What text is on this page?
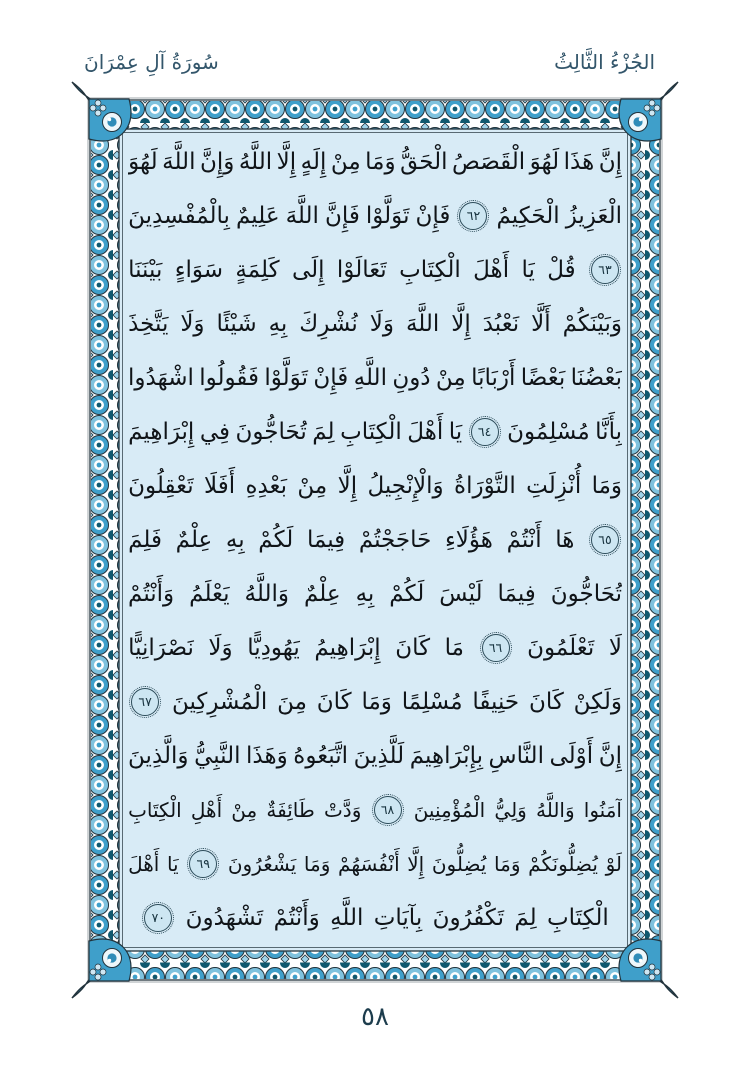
الجُزْءُ الثَّالِثُ
سُورَةُ آلِ عِمْرَانَ
إِنَّ
هَذَا
لَهُوَ
الْقَصَصُ
الْحَقُّ
وَمَا
مِنْ
إِلَهٍ
إِلَّا
اللَّهُ
وَإِنَّ
اللَّهَ
لَهُوَ
الْعَزِيزُ
الْحَكِيمُ
٦٢
فَإِنْ
تَوَلَّوْا
فَإِنَّ
اللَّهَ
عَلِيمٌ
بِالْمُفْسِدِينَ
٦٣
قُلْ
يَا
أَهْلَ
الْكِتَابِ
تَعَالَوْا
إِلَى
كَلِمَةٍ
سَوَاءٍ
بَيْنَنَا
وَبَيْنَكُمْ
أَلَّا
نَعْبُدَ
إِلَّا
اللَّهَ
وَلَا
نُشْرِكَ
بِهِ
شَيْئًا
وَلَا
يَتَّخِذَ
بَعْضُنَا
بَعْضًا
أَرْبَابًا
مِنْ
دُونِ
اللَّهِ
فَإِنْ
تَوَلَّوْا
فَقُولُوا
اشْهَدُوا
بِأَنَّا
مُسْلِمُونَ
٦٤
يَا
أَهْلَ
الْكِتَابِ
لِمَ
تُحَاجُّونَ
فِي
إِبْرَاهِيمَ
وَمَا
أُنْزِلَتِ
التَّوْرَاةُ
وَالْإِنْجِيلُ
إِلَّا
مِنْ
بَعْدِهِ
أَفَلَا
تَعْقِلُونَ
٦٥
هَا
أَنْتُمْ
هَؤُلَاءِ
حَاجَجْتُمْ
فِيمَا
لَكُمْ
بِهِ
عِلْمٌ
فَلِمَ
تُحَاجُّونَ
فِيمَا
لَيْسَ
لَكُمْ
بِهِ
عِلْمٌ
وَاللَّهُ
يَعْلَمُ
وَأَنْتُمْ
لَا
تَعْلَمُونَ
٦٦
مَا
كَانَ
إِبْرَاهِيمُ
يَهُودِيًّا
وَلَا
نَصْرَانِيًّا
وَلَكِنْ
كَانَ
حَنِيفًا
مُسْلِمًا
وَمَا
كَانَ
مِنَ
الْمُشْرِكِينَ
٦٧
إِنَّ
أَوْلَى
النَّاسِ
بِإِبْرَاهِيمَ
لَلَّذِينَ
اتَّبَعُوهُ
وَهَذَا
النَّبِيُّ
وَالَّذِينَ
آمَنُوا
وَاللَّهُ
وَلِيُّ
الْمُؤْمِنِينَ
٦٨
وَدَّتْ
طَائِفَةٌ
مِنْ
أَهْلِ
الْكِتَابِ
لَوْ
يُضِلُّونَكُمْ
وَمَا
يُضِلُّونَ
إِلَّا
أَنْفُسَهُمْ
وَمَا
يَشْعُرُونَ
٦٩
يَا
أَهْلَ
الْكِتَابِ
لِمَ
تَكْفُرُونَ
بِآيَاتِ
اللَّهِ
وَأَنْتُمْ
تَشْهَدُونَ
٧٠
٥٨
